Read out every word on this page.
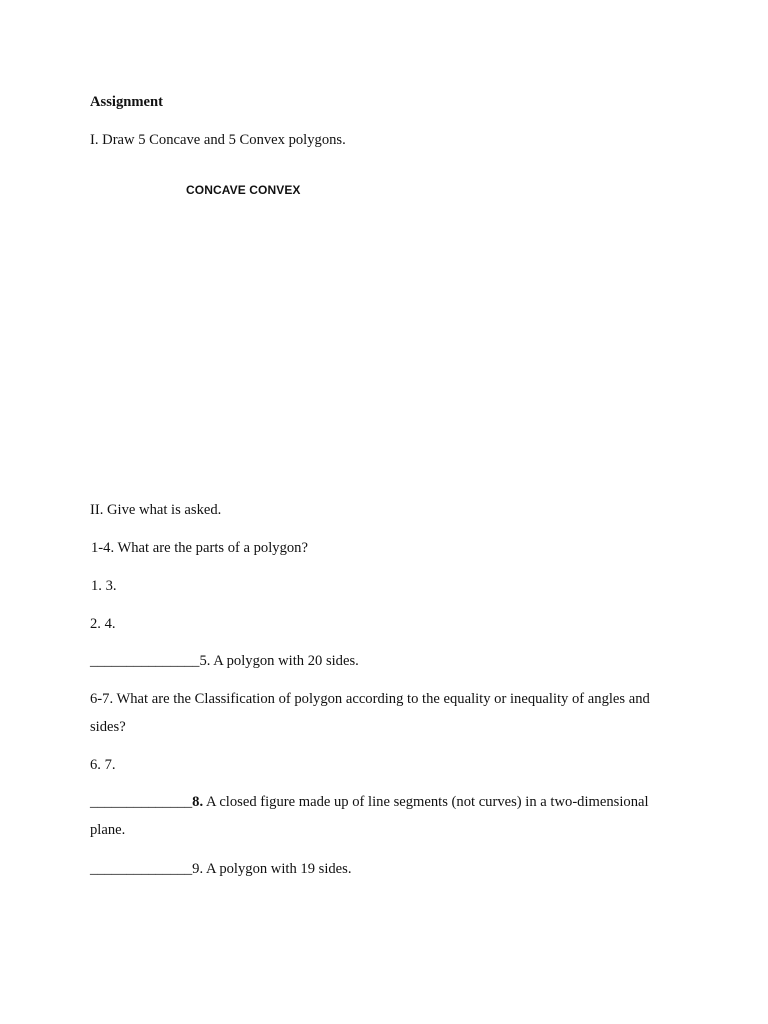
Assignment
I. Draw 5 Concave and 5 Convex polygons.
CONCAVE CONVEX
II. Give what is asked.
1-4. What are the parts of a polygon?
1. 3.
2. 4.
_______________5. A polygon with 20 sides.
6-7. What are the Classification of polygon according to the equality or inequality of angles and sides?
6. 7.
______________8. A closed figure made up of line segments (not curves) in a two-dimensional plane.
______________9. A polygon with 19 sides.
